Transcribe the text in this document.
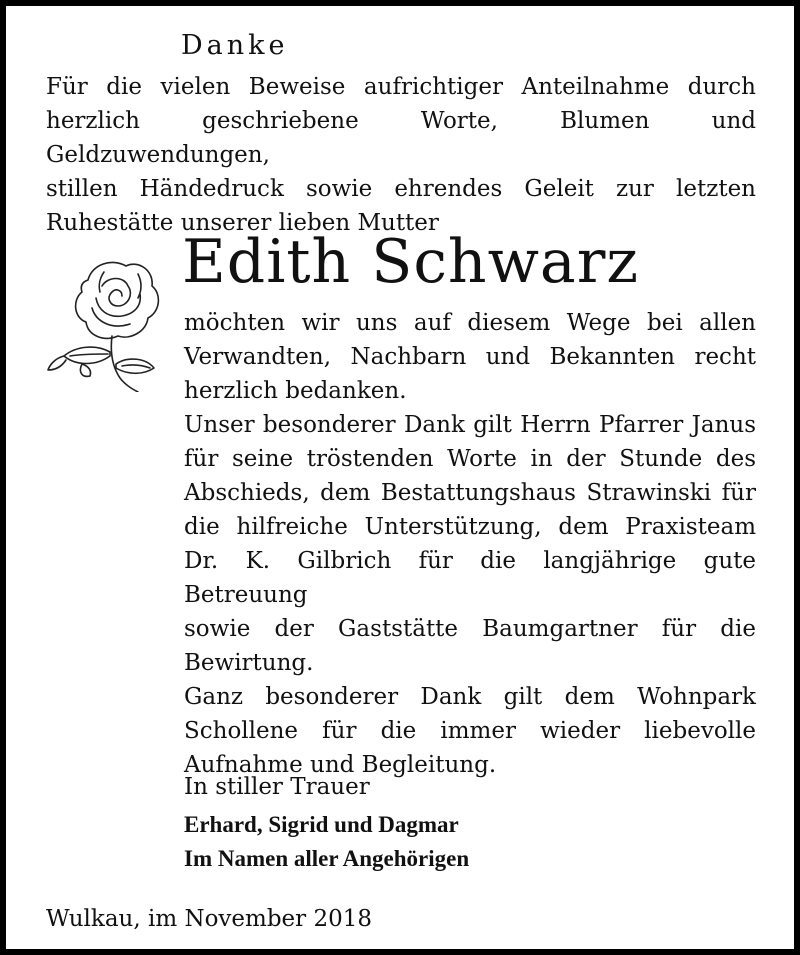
Danke
Für die vielen Beweise aufrichtiger Anteilnahme durch
herzlich geschriebene Worte, Blumen und Geldzuwendungen,
stillen Händedruck sowie ehrendes Geleit zur letzten
Ruhestätte unserer lieben Mutter
Edith Schwarz
möchten wir uns auf diesem Wege bei allen
Verwandten, Nachbarn und Bekannten recht
herzlich bedanken.
Unser besonderer Dank gilt Herrn Pfarrer Janus
für seine tröstenden Worte in der Stunde des
Abschieds, dem Bestattungshaus Strawinski für
die hilfreiche Unterstützung, dem Praxisteam
Dr. K. Gilbrich für die langjährige gute Betreuung
sowie der Gaststätte Baumgartner für die
Bewirtung.
Ganz besonderer Dank gilt dem Wohnpark
Schollene für die immer wieder liebevolle
Aufnahme und Begleitung.
In stiller Trauer
Erhard, Sigrid und Dagmar
Im Namen aller Angehörigen
Wulkau, im November 2018
